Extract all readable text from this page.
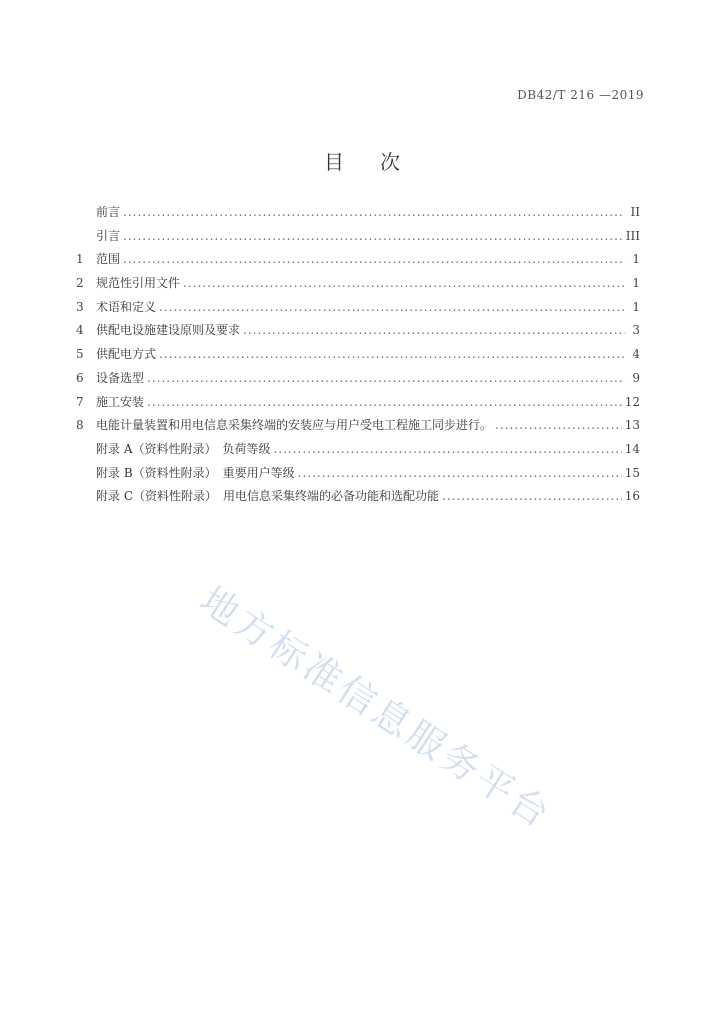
DB42/T 216 —2019
目 次
前言 .....	II
引言 .....	III
1	范围 .....	1
2	规范性引用文件 .....	1
3	术语和定义 .....	1
4	供配电设施建设原则及要求 .....	3
5	供配电方式 .....	4
6	设备选型 .....	9
7	施工安装 .....	12
8	电能计量装置和用电信息采集终端的安装应与用户受电工程施工同步进行。 .....	13
附录 A（资料性附录）　负荷等级 .....	14
附录 B（资料性附录）　重要用户等级 .....	15
附录 C（资料性附录）　用电信息采集终端的必备功能和选配功能 .....	16
地方标准信息服务平台
